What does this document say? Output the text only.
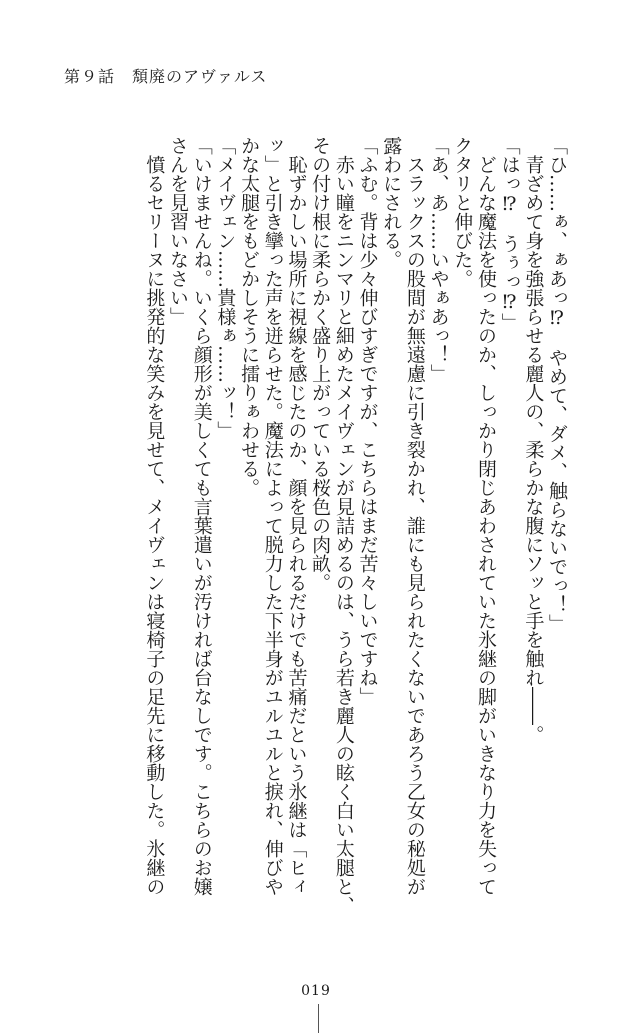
第９話　頽廃のアヴァルス
「ひ……ぁ、ぁあっ⁉　やめて、ダメ、触らないでっ！」
　青ざめて身を強張らせる麗人の、柔らかな腹にソッと手を触れ――。
「はっ⁉　うぅっ⁉」
　どんな魔法を使ったのか、しっかり閉じあわされていた氷継の脚がいきなり力を失って
クタリと伸びた。
「あ、あ……いやぁあっ！」
　スラックスの股間が無遠慮に引き裂かれ、誰にも見られたくないであろう乙女の秘処が
露わにされる。
「ふむ。背は少々伸びすぎですが、こちらはまだ苦々しいですね」
　赤い瞳をニンマリと細めたメイヴェンが見詰めるのは、うら若き麗人の眩く白い太腿と、
その付け根に柔らかく盛り上がっている桜色の肉畝。
　恥ずかしい場所に視線を感じたのか、顔を見られるだけでも苦痛だという氷継は「ヒィ
ッ」と引き攣った声を迸らせた。魔法によって脱力した下半身がユルユルと捩れ、伸びや
かな太腿をもどかしそうに擂りぁわせる。
「メイヴェン……貴様ぁ……ッ！」
「いけませんね。いくら顔形が美しくても言葉遣いが汚ければ台なしです。こちらのお嬢
さんを見習いなさい」
　憤るセリーヌに挑発的な笑みを見せて、メイヴェンは寝椅子の足先に移動した。氷継の
019
